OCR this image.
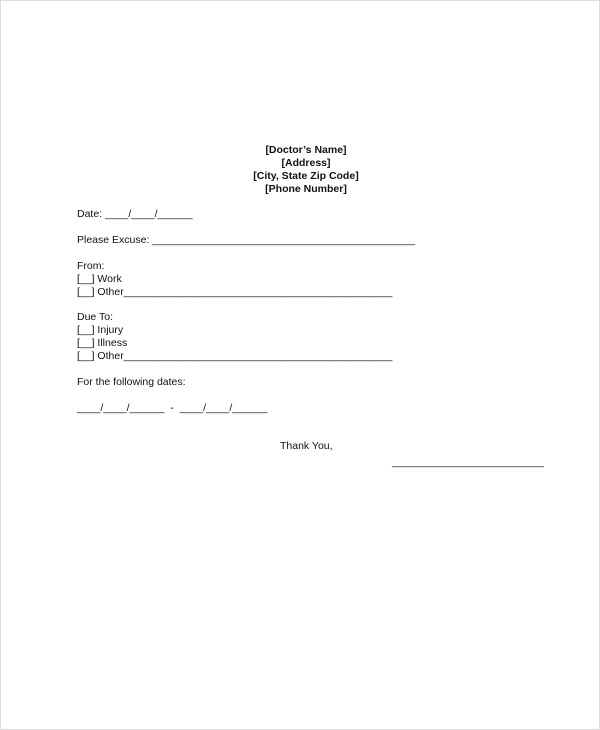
[Doctor’s Name]
[Address]
[City, State Zip Code]
[Phone Number]
Date: ____/____/______
Please Excuse: _____________________________________________
From:
[__] Work
[__] Other______________________________________________
Due To:
[__] Injury
[__] Illness
[__] Other______________________________________________
For the following dates:
____/____/______  -  ____/____/______
Thank You,
__________________________
